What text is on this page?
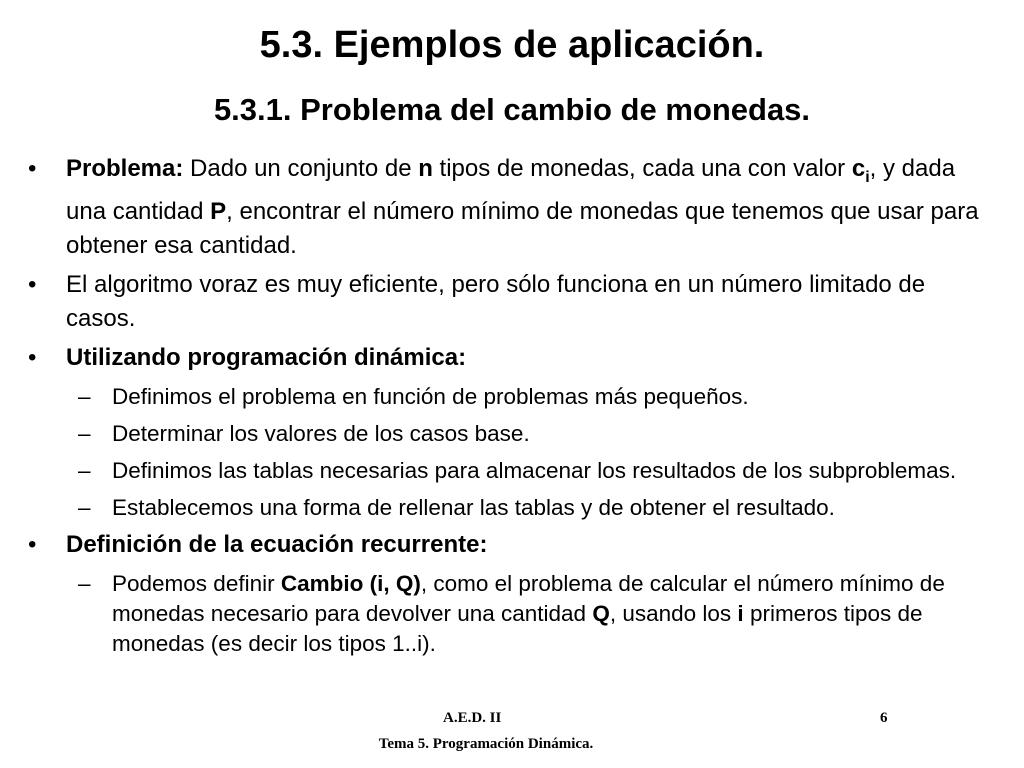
5.3. Ejemplos de aplicación.
5.3.1. Problema del cambio de monedas.
• Problema: Dado un conjunto de n tipos de monedas, cada una con valor $c_i$, y dada una cantidad P, encontrar el número mínimo de monedas que tenemos que usar para obtener esa cantidad.
• El algoritmo voraz es muy eficiente, pero sólo funciona en un número limitado de casos.
• Utilizando programación dinámica:
– Definimos el problema en función de problemas más pequeños.
– Determinar los valores de los casos base.
– Definimos las tablas necesarias para almacenar los resultados de los subproblemas.
– Establecemos una forma de rellenar las tablas y de obtener el resultado.
• Definición de la ecuación recurrente:
– Podemos definir Cambio (i, Q), como el problema de calcular el número mínimo de monedas necesario para devolver una cantidad Q, usando los i primeros tipos de monedas (es decir los tipos 1..i).
A.E.D. II	6
Tema 5. Programación Dinámica.
